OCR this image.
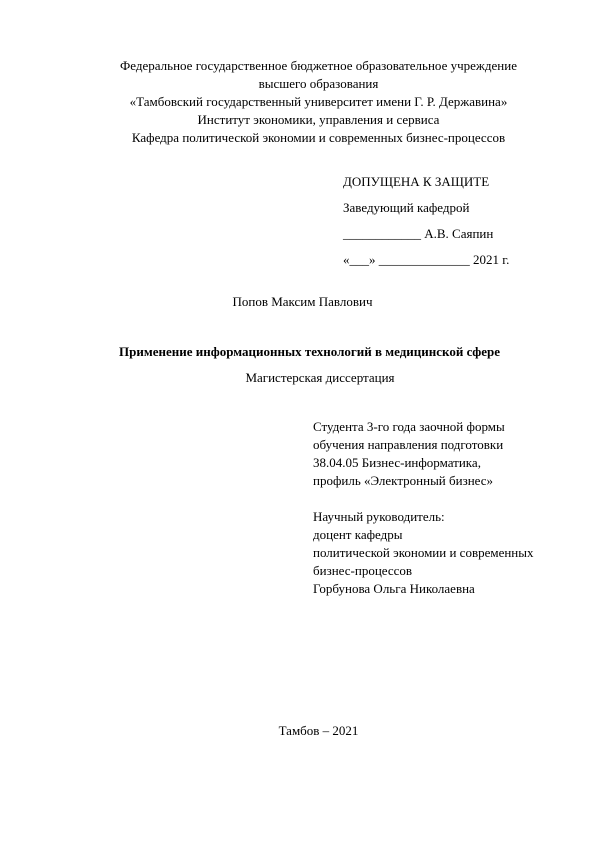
Федеральное государственное бюджетное образовательное учреждение
высшего образования
«Тамбовский государственный университет имени Г. Р. Державина»
Институт экономики, управления и сервиса
Кафедра политической экономии и современных бизнес-процессов
ДОПУЩЕНА К ЗАЩИТЕ
Заведующий кафедрой
____________ А.В. Саяпин
«___» ______________ 2021 г.
Попов Максим Павлович
Применение информационных технологий в медицинской сфере
Магистерская диссертация
Студента 3-го года заочной формы
обучения направления подготовки
38.04.05 Бизнес-информатика,
профиль «Электронный бизнес»
Научный руководитель:
доцент кафедры
политической экономии и современных
бизнес-процессов
Горбунова Ольга Николаевна
Тамбов – 2021
